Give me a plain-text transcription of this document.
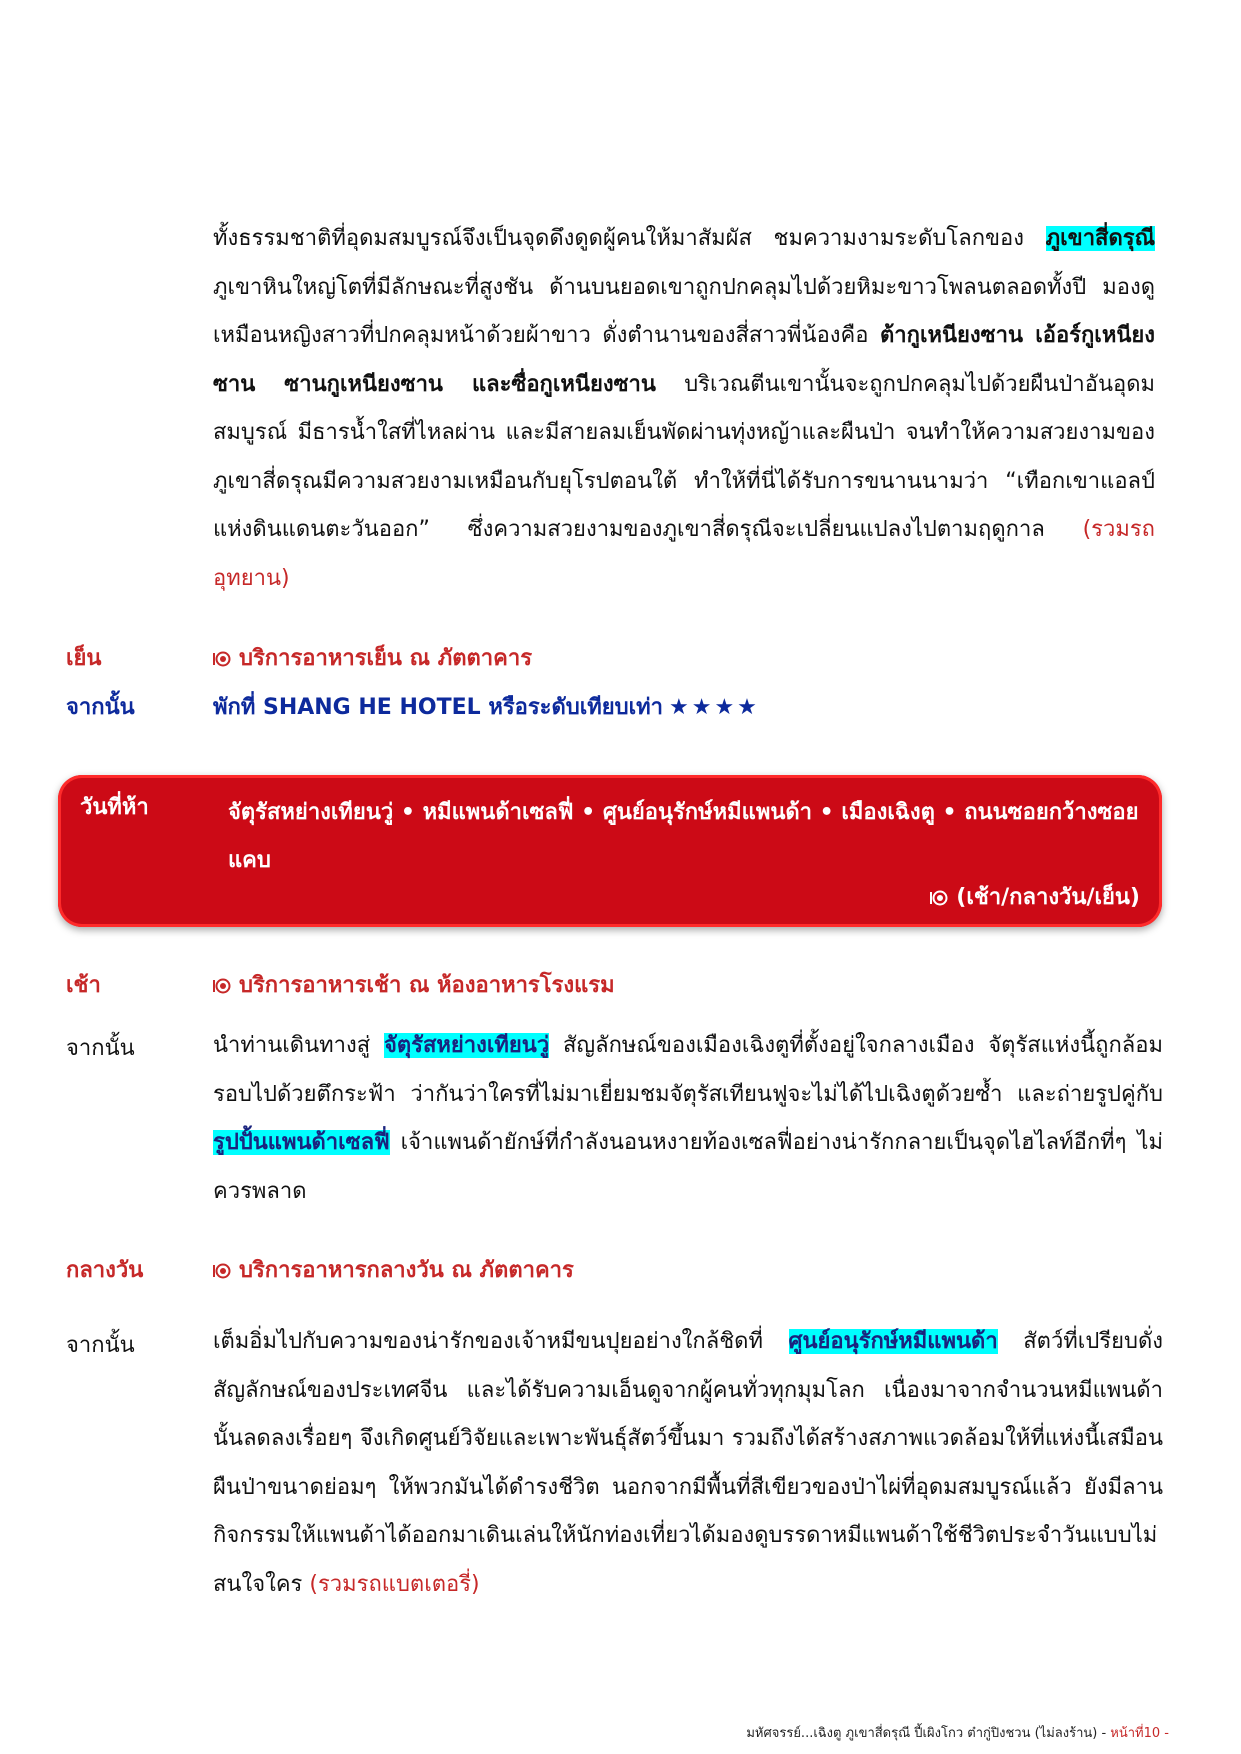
ทั้งธรรมชาติที่อุดมสมบูรณ์จึงเป็นจุดดึงดูดผู้คนให้มาสัมผัส ชมความงามระดับโลกของ ภูเขาสี่ดรุณี ภูเขาหินใหญ่โตที่มีลักษณะที่สูงชัน ด้านบนยอดเขาถูกปกคลุมไปด้วยหิมะขาวโพลนตลอดทั้งปี มองดูเหมือนหญิงสาวที่ปกคลุมหน้าด้วยผ้าขาว ดั่งตำนานของสี่สาวพี่น้องคือ ต้ากูเหนียงซาน เอ้อร์กูเหนียงซาน ซานกูเหนียงซาน และซื่อกูเหนียงซาน บริเวณตีนเขานั้นจะถูกปกคลุมไปด้วยผืนป่าอันอุดมสมบูรณ์ มีธารน้ำใสที่ไหลผ่าน และมีสายลมเย็นพัดผ่านทุ่งหญ้าและผืนป่า จนทำให้ความสวยงามของภูเขาสี่ดรุณมีความสวยงามเหมือนกับยุโรปตอนใต้ ทำให้ที่นี่ได้รับการขนานนามว่า “เทือกเขาแอลป์แห่งดินแดนตะวันออก” ซึ่งความสวยงามของภูเขาสี่ดรุณีจะเปลี่ยนแปลงไปตามฤดูกาล (รวมรถอุทยาน)

เย็น	บริการอาหารเย็น ณ ภัตตาคาร
จากนั้น	พักที่ SHANG HE HOTEL หรือระดับเทียบเท่า ★★★★
วันที่ห้า	จัตุรัสหย่างเทียนวู่ • หมีแพนด้าเซลฟี่ • ศูนย์อนุรักษ์หมีแพนด้า • เมืองเฉิงตู • ถนนซอยกว้างซอยแคบ
(เช้า/กลางวัน/เย็น)
เช้า	บริการอาหารเช้า ณ ห้องอาหารโรงแรม
จากนั้น	นำท่านเดินทางสู่ จัตุรัสหย่างเทียนวู่ สัญลักษณ์ของเมืองเฉิงตูที่ตั้งอยู่ใจกลางเมือง จัตุรัสแห่งนี้ถูกล้อมรอบไปด้วยตึกระฟ้า ว่ากันว่าใครที่ไม่มาเยี่ยมชมจัตุรัสเทียนฟูจะไม่ได้ไปเฉิงตูด้วยซ้ำ และถ่ายรูปคู่กับ รูปปั้นแพนด้าเซลฟี่ เจ้าแพนด้ายักษ์ที่กำลังนอนหงายท้องเซลฟี่อย่างน่ารักกลายเป็นจุดไฮไลท์อีกที่ๆ ไม่ควรพลาด

กลางวัน	บริการอาหารกลางวัน ณ ภัตตาคาร
จากนั้น	เต็มอิ่มไปกับความของน่ารักของเจ้าหมีขนปุยอย่างใกล้ชิดที่ ศูนย์อนุรักษ์หมีแพนด้า สัตว์ที่เปรียบดั่งสัญลักษณ์ของประเทศจีน และได้รับความเอ็นดูจากผู้คนทั่วทุกมุมโลก เนื่องมาจากจำนวนหมีแพนด้านั้นลดลงเรื่อยๆ จึงเกิดศูนย์วิจัยและเพาะพันธุ์สัตว์ขึ้นมา รวมถึงได้สร้างสภาพแวดล้อมให้ที่แห่งนี้เสมือนผืนป่าขนาดย่อมๆ ให้พวกมันได้ดำรงชีวิต นอกจากมีพื้นที่สีเขียวของป่าไผ่ที่อุดมสมบูรณ์แล้ว ยังมีลานกิจกรรมให้แพนด้าได้ออกมาเดินเล่นให้นักท่องเที่ยวได้มองดูบรรดาหมีแพนด้าใช้ชีวิตประจำวันแบบไม่สนใจใคร (รวมรถแบตเตอรี่)

มหัศจรรย์...เฉิงตู ภูเขาสี่ดรุณี ปี้เผิงโกว ต๋ากู่ปิงชวน (ไม่ลงร้าน) - หน้าที่10 -
